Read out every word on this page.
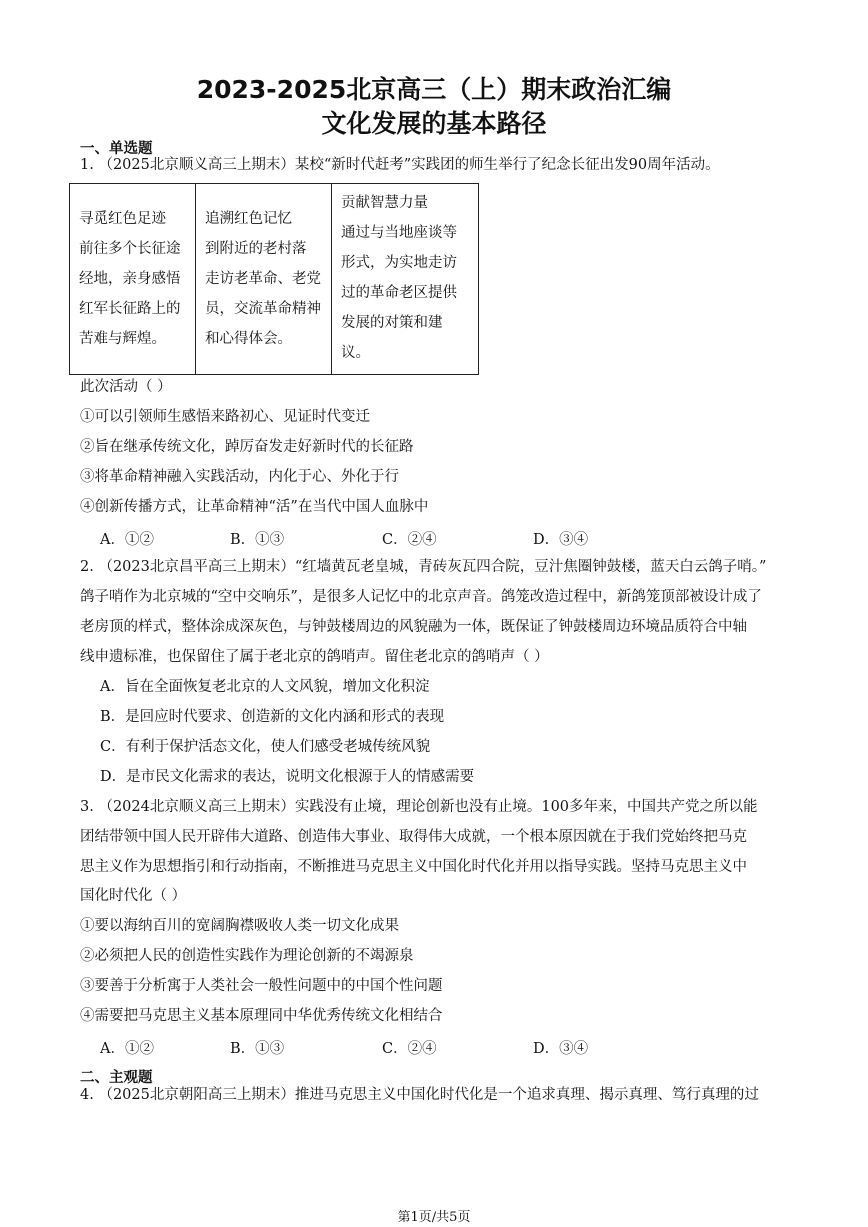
2023-2025北京高三（上）期末政治汇编
文化发展的基本路径
一、单选题
1. （2025北京顺义高三上期末）某校“新时代赶考”实践团的师生举行了纪念长征出发90周年活动。
寻觅红色足迹
前往多个长征途
经地，亲身感悟
红军长征路上的
苦难与辉煌。

追溯红色记忆
到附近的老村落
走访老革命、老党
员，交流革命精神
和心得体会。

贡献智慧力量
通过与当地座谈等
形式，为实地走访
过的革命老区提供
发展的对策和建
议。
此次活动（ ）
①可以引领师生感悟来路初心、见证时代变迁
②旨在继承传统文化，踔厉奋发走好新时代的长征路
③将革命精神融入实践活动，内化于心、外化于行
④创新传播方式，让革命精神“活”在当代中国人血脉中
A．①②	B．①③	C．②④	D．③④
2. （2023北京昌平高三上期末）“红墙黄瓦老皇城，青砖灰瓦四合院，豆汁焦圈钟鼓楼，蓝天白云鸽子哨。”
鸽子哨作为北京城的“空中交响乐”，是很多人记忆中的北京声音。鸽笼改造过程中，新鸽笼顶部被设计成了
老房顶的样式，整体涂成深灰色，与钟鼓楼周边的风貌融为一体，既保证了钟鼓楼周边环境品质符合中轴
线申遗标准，也保留住了属于老北京的鸽哨声。留住老北京的鸽哨声（ ）
A．旨在全面恢复老北京的人文风貌，增加文化积淀
B．是回应时代要求、创造新的文化内涵和形式的表现
C．有利于保护活态文化，使人们感受老城传统风貌
D．是市民文化需求的表达，说明文化根源于人的情感需要
3. （2024北京顺义高三上期末）实践没有止境，理论创新也没有止境。100多年来，中国共产党之所以能
团结带领中国人民开辟伟大道路、创造伟大事业、取得伟大成就，一个根本原因就在于我们党始终把马克
思主义作为思想指引和行动指南，不断推进马克思主义中国化时代化并用以指导实践。坚持马克思主义中
国化时代化（ ）
①要以海纳百川的宽阔胸襟吸收人类一切文化成果
②必须把人民的创造性实践作为理论创新的不竭源泉
③要善于分析寓于人类社会一般性问题中的中国个性问题
④需要把马克思主义基本原理同中华优秀传统文化相结合
A．①②	B．①③	C．②④	D．③④
二、主观题
4. （2025北京朝阳高三上期末）推进马克思主义中国化时代化是一个追求真理、揭示真理、笃行真理的过
第1页/共5页
